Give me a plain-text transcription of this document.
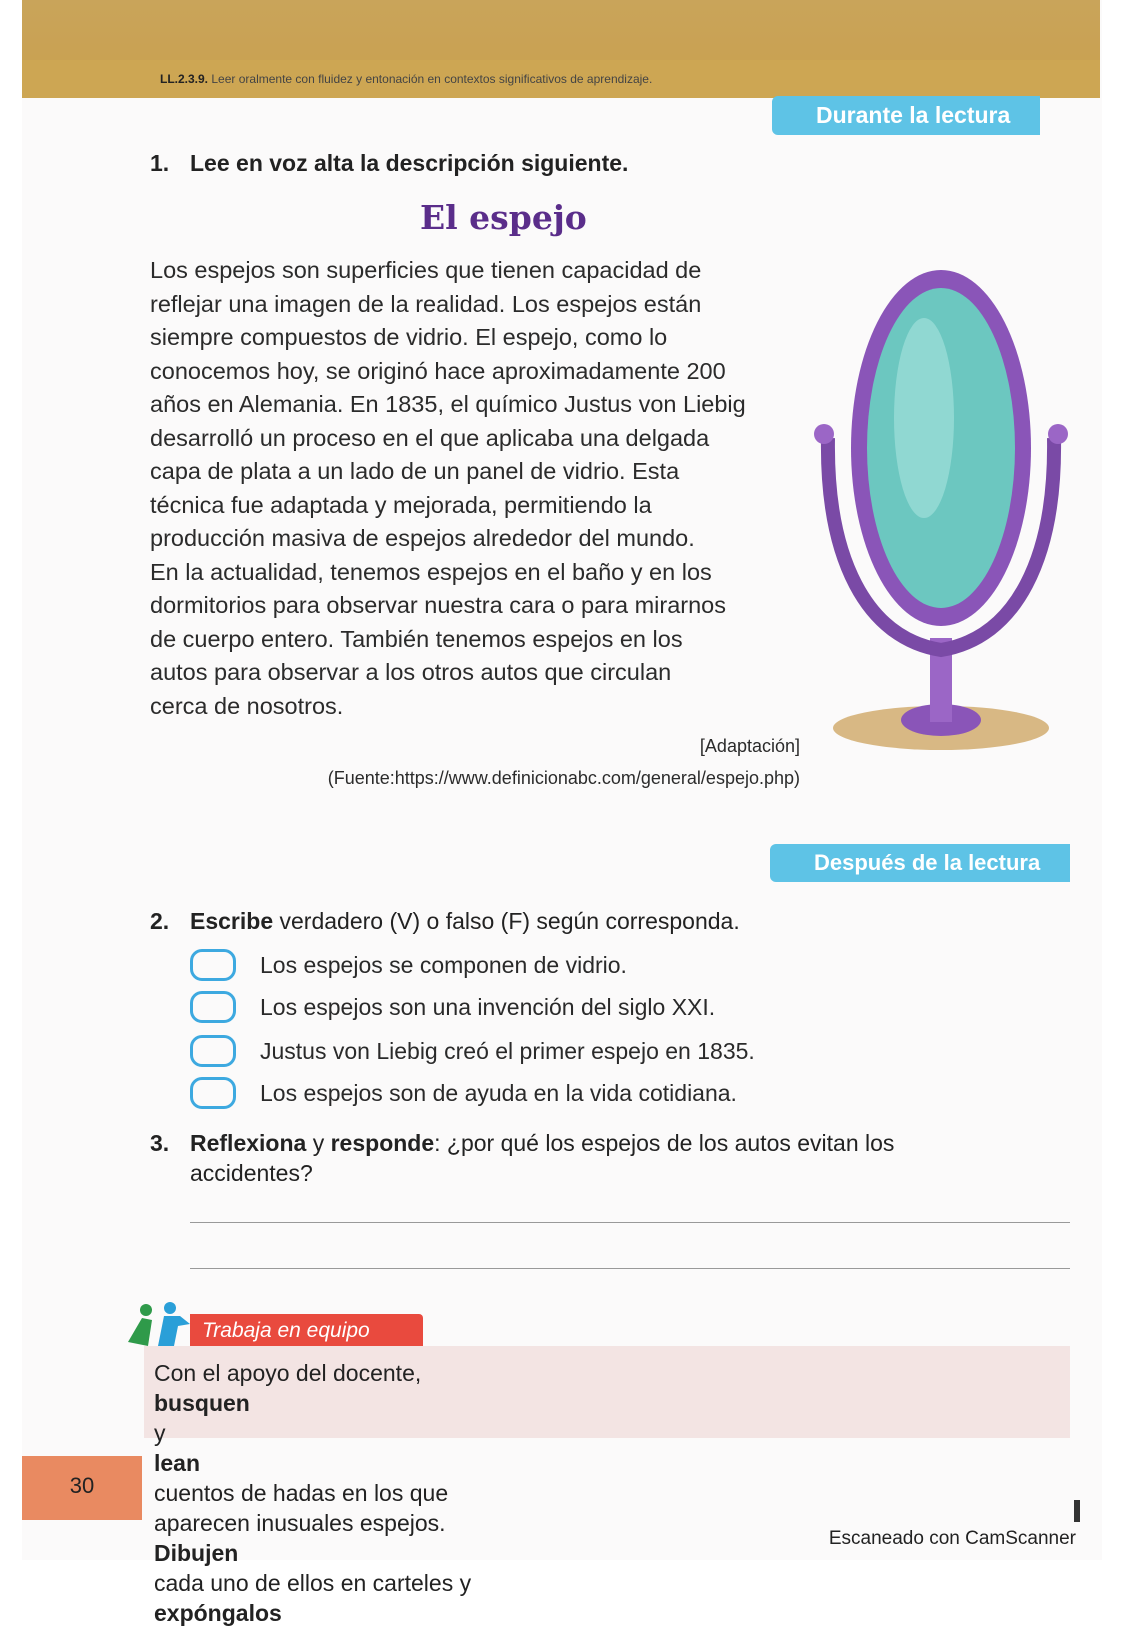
LL.2.3.9. Leer oralmente con fluidez y entonación en contextos significativos de aprendizaje.
Durante la lectura
1. Lee en voz alta la descripción siguiente.
El espejo
Los espejos son superficies que tienen capacidad de
reflejar una imagen de la realidad. Los espejos están
siempre compuestos de vidrio. El espejo, como lo
conocemos hoy, se originó hace aproximadamente 200
años en Alemania. En 1835, el químico Justus von Liebig
desarrolló un proceso en el que aplicaba una delgada
capa de plata a un lado de un panel de vidrio. Esta
técnica fue adaptada y mejorada, permitiendo la
producción masiva de espejos alrededor del mundo.
En la actualidad, tenemos espejos en el baño y en los
dormitorios para observar nuestra cara o para mirarnos
de cuerpo entero. También tenemos espejos en los
autos para observar a los otros autos que circulan
cerca de nosotros.
[Adaptación]
(Fuente:https://www.definicionabc.com/general/espejo.php)
Después de la lectura
2. Escribe verdadero (V) o falso (F) según corresponda.
Los espejos se componen de vidrio.
Los espejos son una invención del siglo XXI.
Justus von Liebig creó el primer espejo en 1835.
Los espejos son de ayuda en la vida cotidiana.
3. Reflexiona y responde: ¿por qué los espejos de los autos evitan los
accidentes?
Trabaja en equipo
Con el apoyo del docente,
busquen
y
lean
cuentos de hadas en los que
aparecen inusuales espejos.
Dibujen
cada uno de ellos en carteles y
expóngalos
30
Escaneado con CamScanner
